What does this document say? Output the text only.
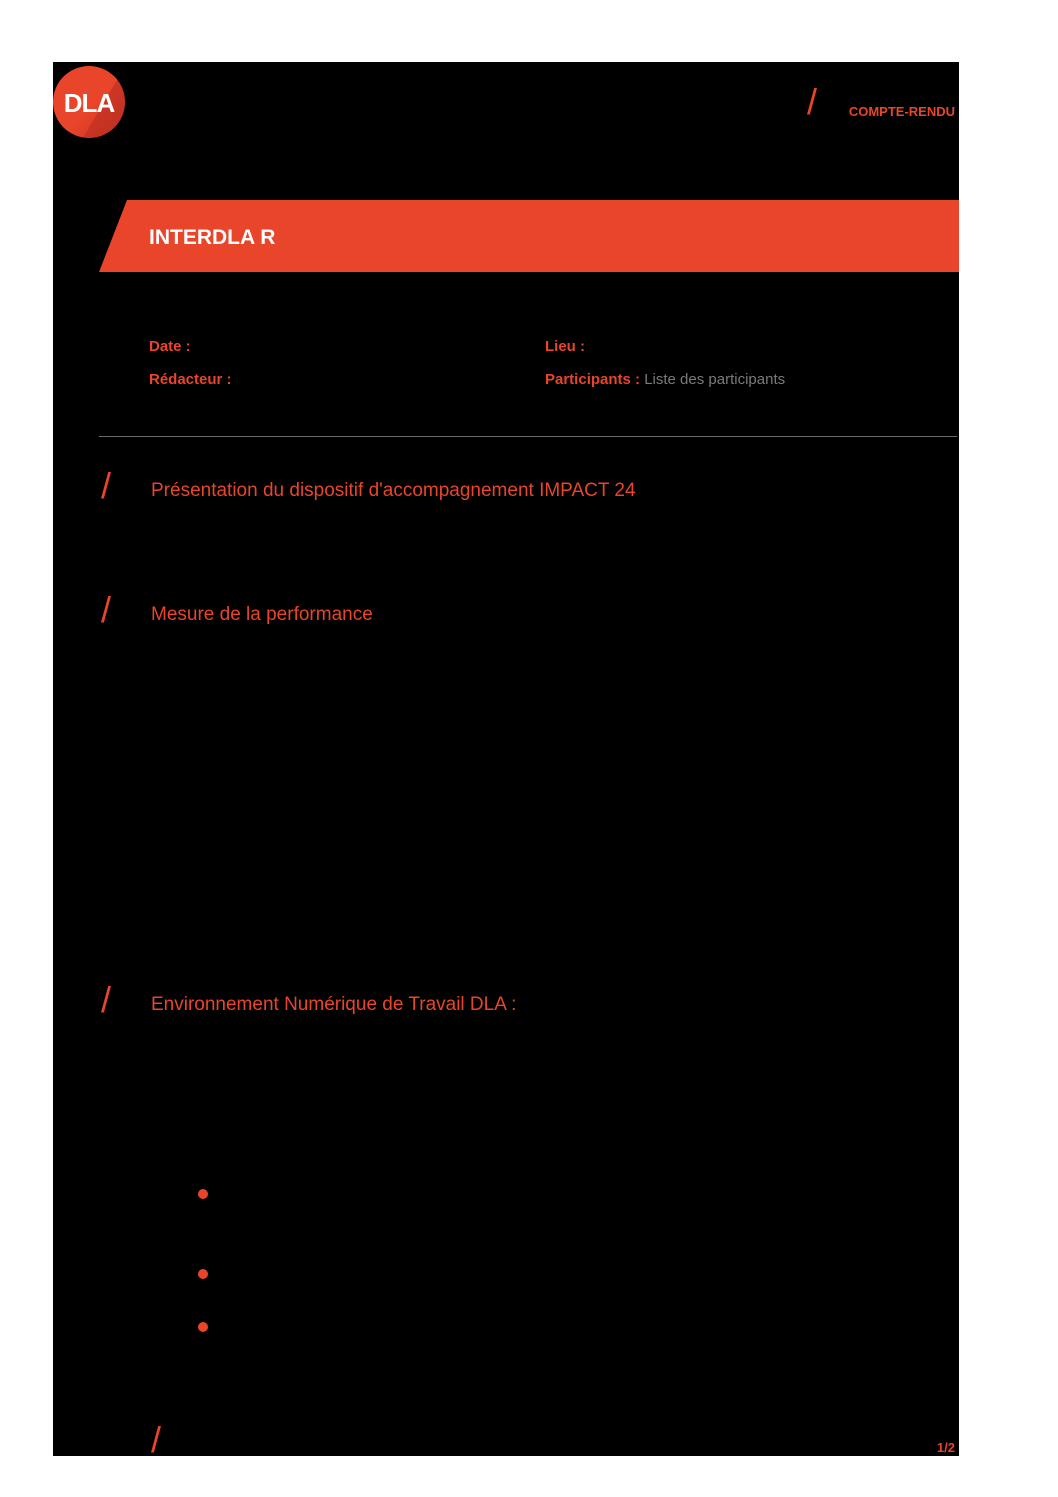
DLA	/ COMPTE-RENDU
INTERDLA R
Date :	Lieu :
Rédacteur :	Participants : Liste des participants
/ Présentation du dispositif d'accompagnement IMPACT 24
/ Mesure de la performance
/ Environnement Numérique de Travail DLA :
/	1/2
